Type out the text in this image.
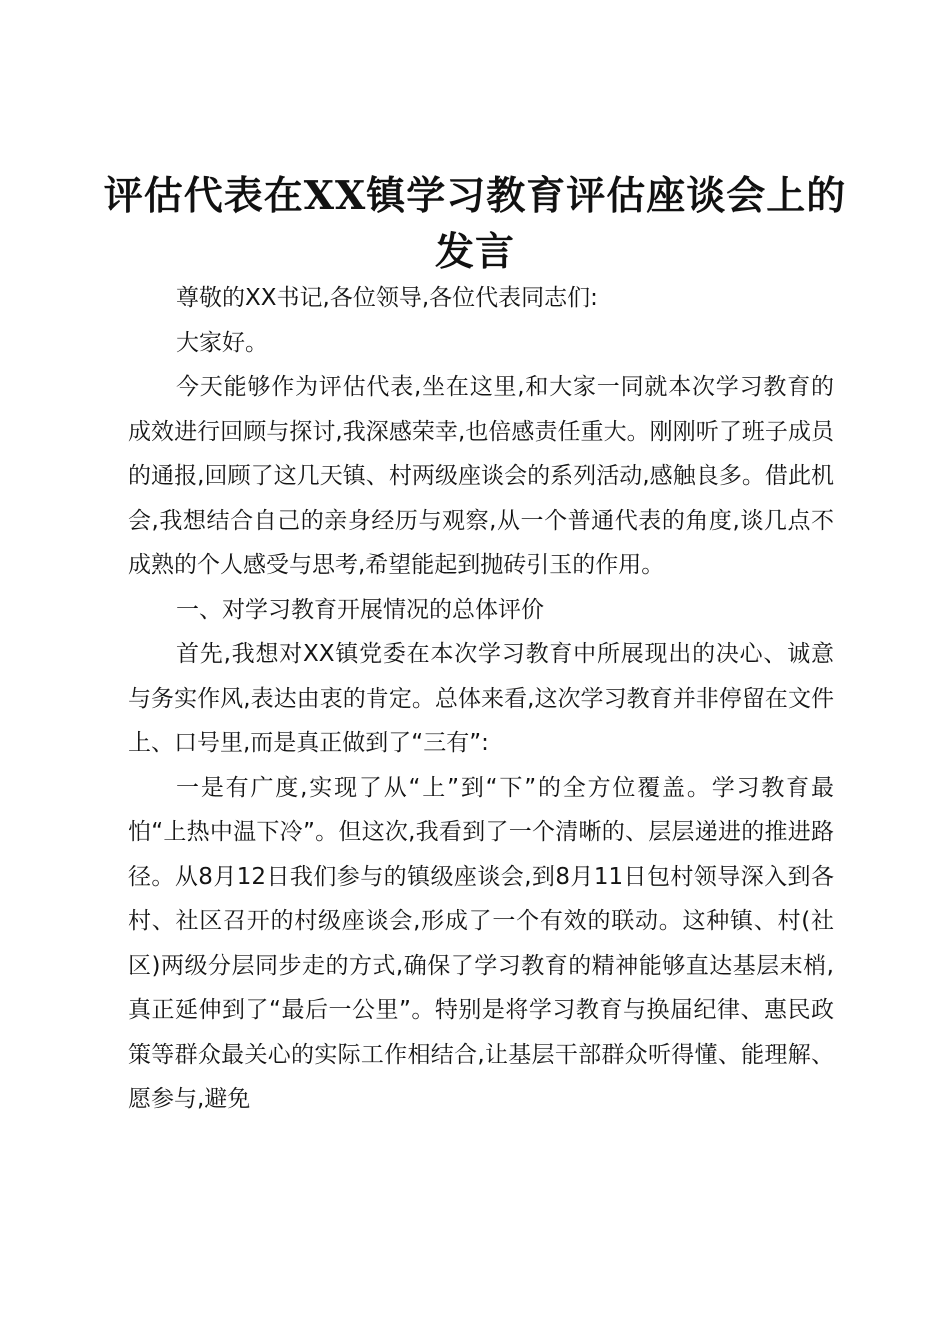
评估代表在XX镇学习教育评估座谈会上的发言

尊敬的XX书记,各位领导,各位代表同志们:

大家好。

今天能够作为评估代表,坐在这里,和大家一同就本次学习教育的成效进行回顾与探讨,我深感荣幸,也倍感责任重大。刚刚听了班子成员的通报,回顾了这几天镇、村两级座谈会的系列活动,感触良多。借此机会,我想结合自己的亲身经历与观察,从一个普通代表的角度,谈几点不成熟的个人感受与思考,希望能起到抛砖引玉的作用。

一、对学习教育开展情况的总体评价

首先,我想对XX镇党委在本次学习教育中所展现出的决心、诚意与务实作风,表达由衷的肯定。总体来看,这次学习教育并非停留在文件上、口号里,而是真正做到了“三有”:

一是有广度,实现了从“上”到“下”的全方位覆盖。学习教育最怕“上热中温下冷”。但这次,我看到了一个清晰的、层层递进的推进路径。从8月12日我们参与的镇级座谈会,到8月11日包村领导深入到各村、社区召开的村级座谈会,形成了一个有效的联动。这种镇、村(社区)两级分层同步走的方式,确保了学习教育的精神能够直达基层末梢,真正延伸到了“最后一公里”。特别是将学习教育与换届纪律、惠民政策等群众最关心的实际工作相结合,让基层干部群众听得懂、能理解、愿参与,避免
